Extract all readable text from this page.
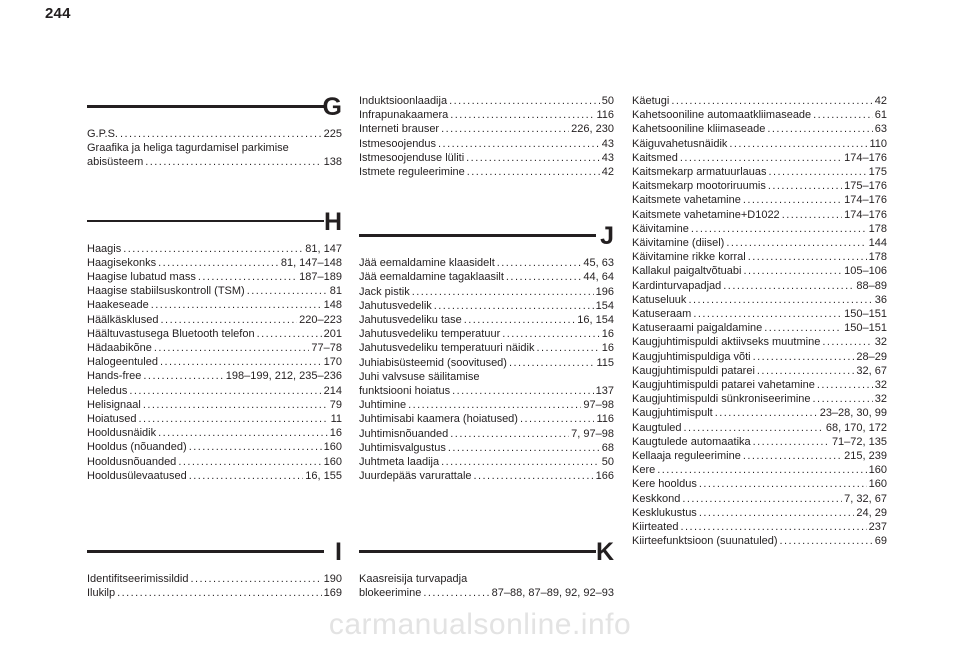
244
G
G.P.S. . . .	225
Graafika ja heliga tagurdamisel parkimise
abisüsteem . . .	138
H
Haagis . . .	81, 147
Haagisekonks . . .	81, 147–148
Haagise lubatud mass . . .	187–189
Haagise stabiilsuskontroll (TSM) . . .	81
Haakeseade . . .	148
Häälkäsklused . . .	220–223
Häältuvastusega Bluetooth telefon . . .	201
Hädaabikõne . . .	77–78
Halogeentuled . . .	170
Hands-free . . .	198–199, 212, 235–236
Heledus . . .	214
Helisignaal . . .	79
Hoiatused . . .	11
Hooldusnäidik . . .	16
Hooldus (nõuanded) . . .	160
Hooldusnõuanded . . .	160
Hooldusülevaatused . . .	16, 155
Induktsioonlaadija . . .	50
Infrapunakaamera . . .	116
Interneti brauser . . .	226, 230
Istmesoojendus . . .	43
Istmesoojenduse lüliti . . .	43
Istmete reguleerimine . . .	42
J
Jää eemaldamine klaasidelt . . .	45, 63
Jää eemaldamine tagaklaasilt . . .	44, 64
Jack pistik . . .	196
Jahutusvedelik . . .	154
Jahutusvedeliku tase . . .	16, 154
Jahutusvedeliku temperatuur . . .	16
Jahutusvedeliku temperatuuri näidik . . .	16
Juhiabisüsteemid (soovitused) . . .	115
Juhi valvsuse säilitamise
funktsiooni hoiatus . . .	137
Juhtimine . . .	97–98
Juhtimisabi kaamera (hoiatused) . . .	116
Juhtimisnõuanded . . .	7, 97–98
Juhtimisvalgustus . . .	68
Juhtmeta laadija . . .	50
Juurdepääs varurattale . . .	166
K
Kaasreisija turvapadja
blokeerimine . . .	87–88, 87–89, 92, 92–93
I
Identifitseerimissildid . . .	190
Ilukilp . . .	169
Käetugi . . .	42
Kahetsooniline automaatkliimaseade . . .	61
Kahetsooniline kliimaseade . . .	63
Käiguvahetusnäidik . . .	110
Kaitsmed . . .	174–176
Kaitsmekarp armatuurlauas . . .	175
Kaitsmekarp mootoriruumis . . .	175–176
Kaitsmete vahetamine . . .	174–176
Kaitsmete vahetamine+D1022 . . .	174–176
Käivitamine . . .	178
Käivitamine (diisel) . . .	144
Käivitamine rikke korral . . .	178
Kallakul paigaltvõtuabi . . .	105–106
Kardinturvapadjad . . .	88–89
Katuseluuk . . .	36
Katuseraam . . .	150–151
Katuseraami paigaldamine . . .	150–151
Kaugjuhtimispuldi aktiivseks muutmine . . .	32
Kaugjuhtimispuldiga võti . . .	28–29
Kaugjuhtimispuldi patarei . . .	32, 67
Kaugjuhtimispuldi patarei vahetamine . . .	32
Kaugjuhtimispuldi sünkroniseerimine . . .	32
Kaugjuhtimispult . . .	23–28, 30, 99
Kaugtuled . . .	68, 170, 172
Kaugtulede automaatika . . .	71–72, 135
Kellaaja reguleerimine . . .	215, 239
Kere . . .	160
Kere hooldus . . .	160
Keskkond . . .	7, 32, 67
Kesklukustus . . .	24, 29
Kiirteated . . .	237
Kiirteefunktsioon (suunatuled) . . .	69
carmanualsonline.info
